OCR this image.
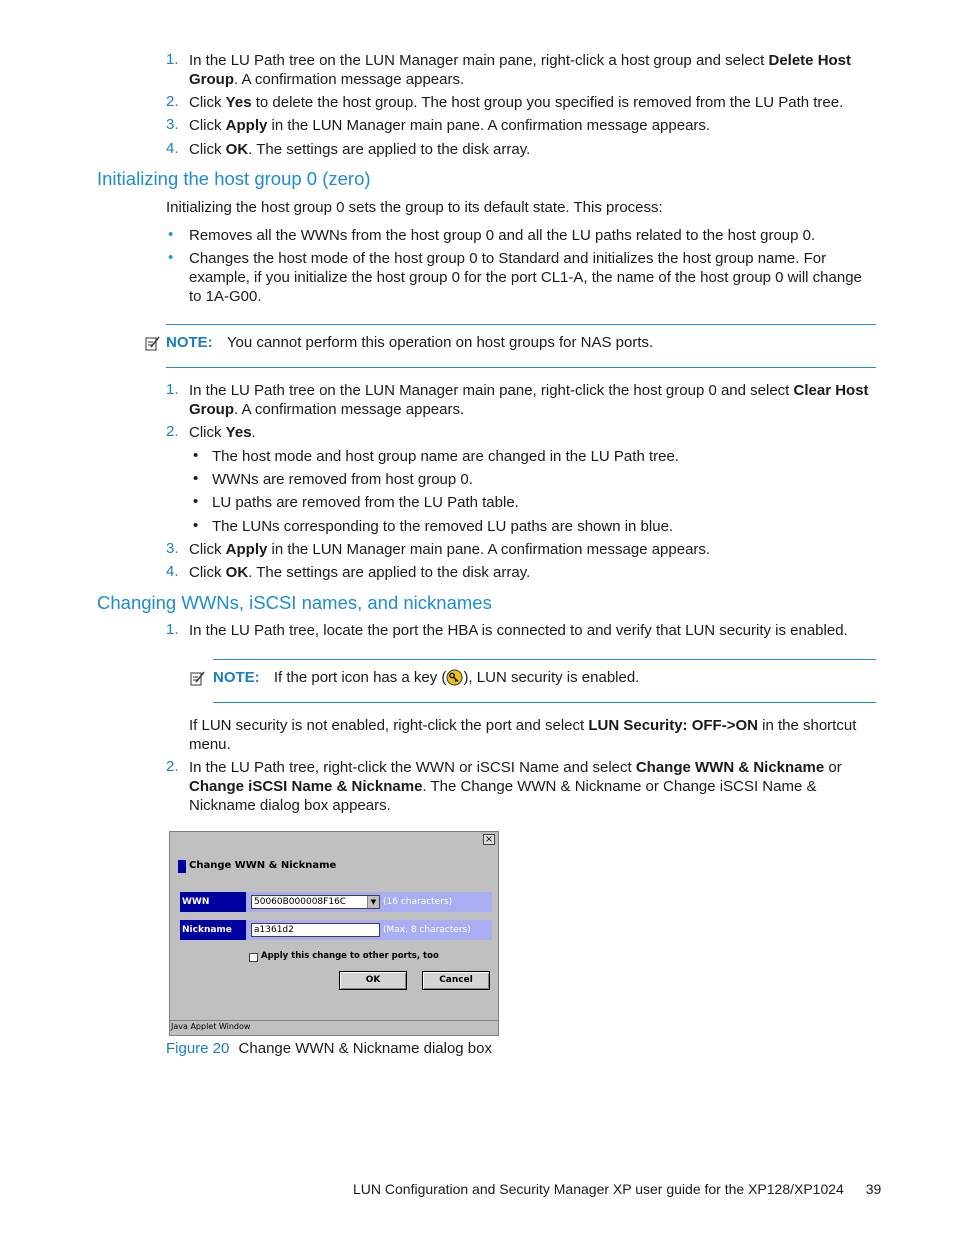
1. In the LU Path tree on the LUN Manager main pane, right-click a host group and select Delete Host
Group. A confirmation message appears.
2. Click Yes to delete the host group. The host group you specified is removed from the LU Path tree.
3. Click Apply in the LUN Manager main pane. A confirmation message appears.
4. Click OK. The settings are applied to the disk array.
Initializing the host group 0 (zero)
Initializing the host group 0 sets the group to its default state. This process:
• Removes all the WWNs from the host group 0 and all the LU paths related to the host group 0.
• Changes the host mode of the host group 0 to Standard and initializes the host group name. For
example, if you initialize the host group 0 for the port CL1-A, the name of the host group 0 will change
to 1A-G00.
NOTE: You cannot perform this operation on host groups for NAS ports.
1. In the LU Path tree on the LUN Manager main pane, right-click the host group 0 and select Clear Host
Group. A confirmation message appears.
2. Click Yes.
• The host mode and host group name are changed in the LU Path tree.
• WWNs are removed from host group 0.
• LU paths are removed from the LU Path table.
• The LUNs corresponding to the removed LU paths are shown in blue.
3. Click Apply in the LUN Manager main pane. A confirmation message appears.
4. Click OK. The settings are applied to the disk array.
Changing WWNs, iSCSI names, and nicknames
1. In the LU Path tree, locate the port the HBA is connected to and verify that LUN security is enabled.
NOTE: If the port icon has a key ( ), LUN security is enabled.
If LUN security is not enabled, right-click the port and select LUN Security: OFF->ON in the shortcut
menu.
2. In the LU Path tree, right-click the WWN or iSCSI Name and select Change WWN & Nickname or
Change iSCSI Name & Nickname. The Change WWN & Nickname or Change iSCSI Name &
Nickname dialog box appears.
×
Change WWN & Nickname
WWN	50060B000008F16C	▼ (16 characters)
Nickname	a1361d2	(Max. 8 characters)
Apply this change to other ports, too
OK	Cancel
Java Applet Window
Figure 20 Change WWN & Nickname dialog box
LUN Configuration and Security Manager XP user guide for the XP128/XP1024 39
